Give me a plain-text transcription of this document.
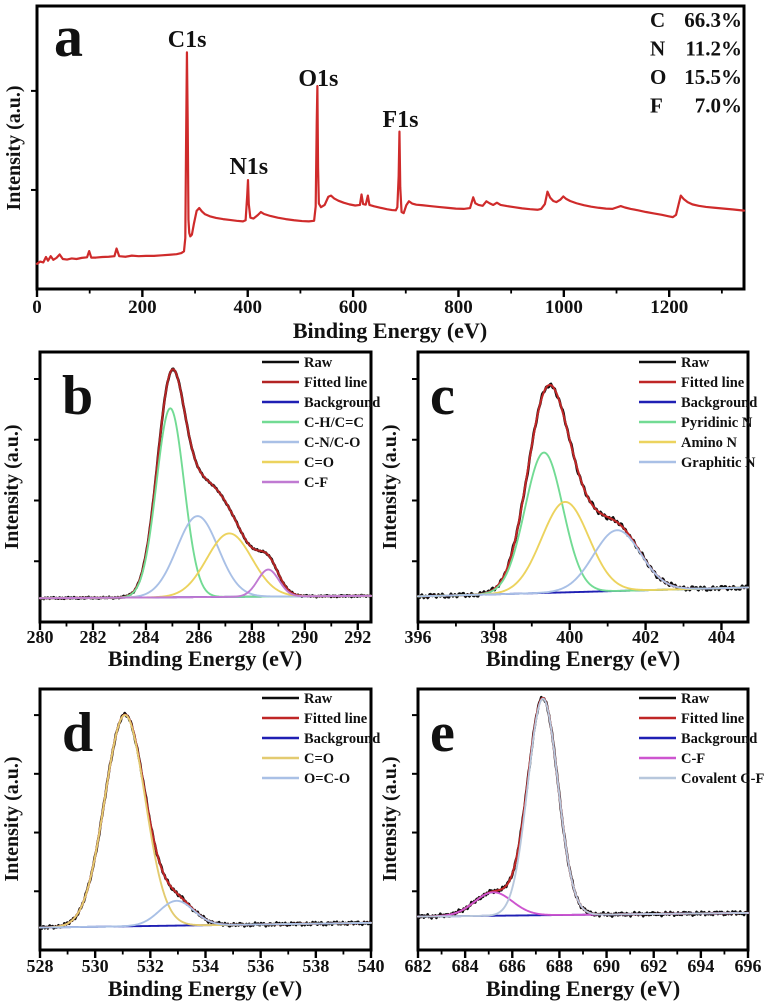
0	200	400	600	800	1000	1200
Binding Energy (eV)
Intensity (a.u.)
a	C1s
N1s
O1s
F1s
C 66.3%
N 11.2%
O 15.5%
F 7.0%
280 282 284 286 288 290 292
Binding Energy (eV)
Intensity (a.u.)
b
Raw
Fitted line
Background
C-H/C=C
C-N/C-O
C=O
C-F
396	398	400	402	404
Binding Energy (eV)
Intensity (a.u.)
c
Raw
Fitted line
Background
Pyridinic N
Amino N
Graphitic N
528 530 532 534 536 538 540
Binding Energy (eV)
Intensity (a.u.)
d
Raw
Fitted line
Background
C=O
O=C-O
682 684 686 688 690 692 694 696
Binding Energy (eV)
Intensity (a.u.)
e
Raw
Fitted line
Background
C-F
Covalent C-F
